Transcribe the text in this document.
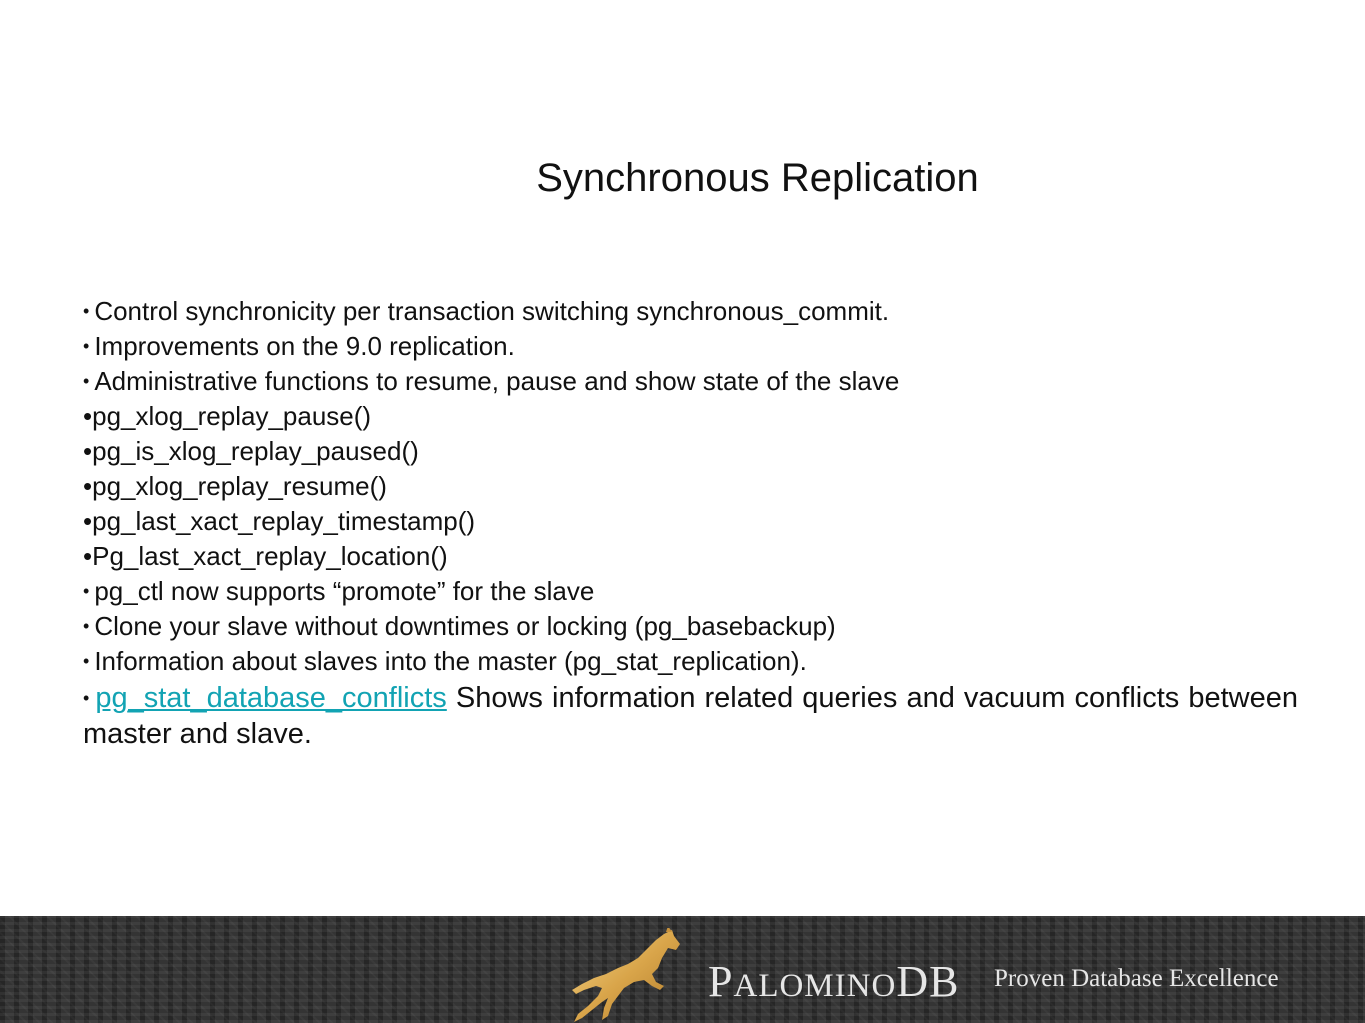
Synchronous Replication
• Control synchronicity per transaction switching synchronous_commit.
• Improvements on the 9.0 replication.
• Administrative functions to resume, pause and show state of the slave
•pg_xlog_replay_pause()
•pg_is_xlog_replay_paused()
•pg_xlog_replay_resume()
•pg_last_xact_replay_timestamp()
•Pg_last_xact_replay_location()
• pg_ctl now supports “promote” for the slave
• Clone your slave without downtimes or locking (pg_basebackup)
• Information about slaves into the master (pg_stat_replication).
• pg_stat_database_conflicts Shows information related queries and vacuum conflicts between master and slave.
PALOMINODB Proven Database Excellence
